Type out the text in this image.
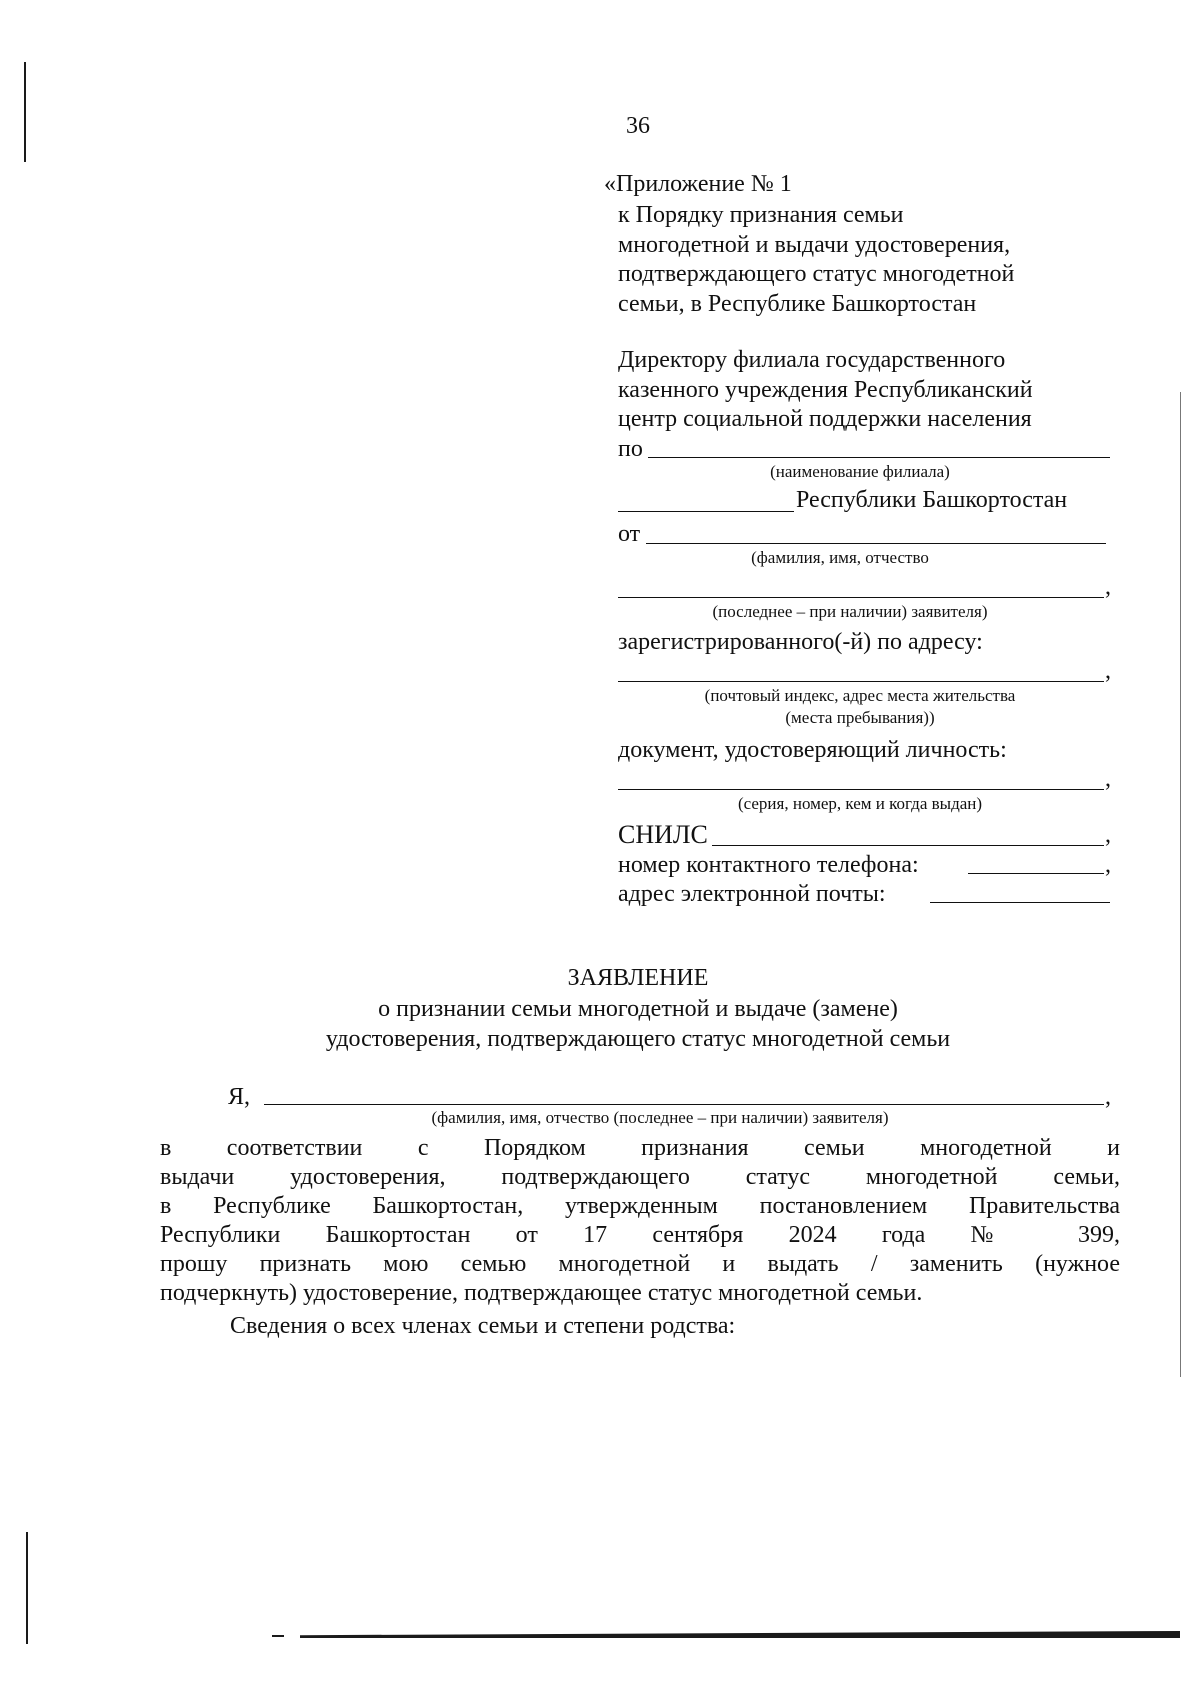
36
«Приложение № 1
к Порядку признания семьи
многодетной и выдачи удостоверения,
подтверждающего статус многодетной
семьи, в Республике Башкортостан
Директору филиала государственного
казенного учреждения Республиканский
центр социальной поддержки населения
по
(наименование филиала)
Республики Башкортостан
от
(фамилия, имя, отчество
,
(последнее – при наличии) заявителя)
зарегистрированного(-й) по адресу:
,
(почтовый индекс, адрес места жительства
(места пребывания))
документ, удостоверяющий личность:
,
(серия, номер, кем и когда выдан)
СНИЛС	,
номер контактного телефона:	,
адрес электронной почты:
ЗАЯВЛЕНИЕ
о признании семьи многодетной и выдаче (замене)
удостоверения, подтверждающего статус многодетной семьи
Я,	,
(фамилия, имя, отчество (последнее – при наличии) заявителя)
в соответствии с Порядком признания семьи многодетной и
выдачи удостоверения, подтверждающего статус многодетной семьи,
в Республике Башкортостан, утвержденным постановлением Правительства
Республики Башкортостан от 17 сентября 2024 года № 399,
прошу признать мою семью многодетной и выдать / заменить (нужное
подчеркнуть) удостоверение, подтверждающее статус многодетной семьи.
Сведения о всех членах семьи и степени родства:
